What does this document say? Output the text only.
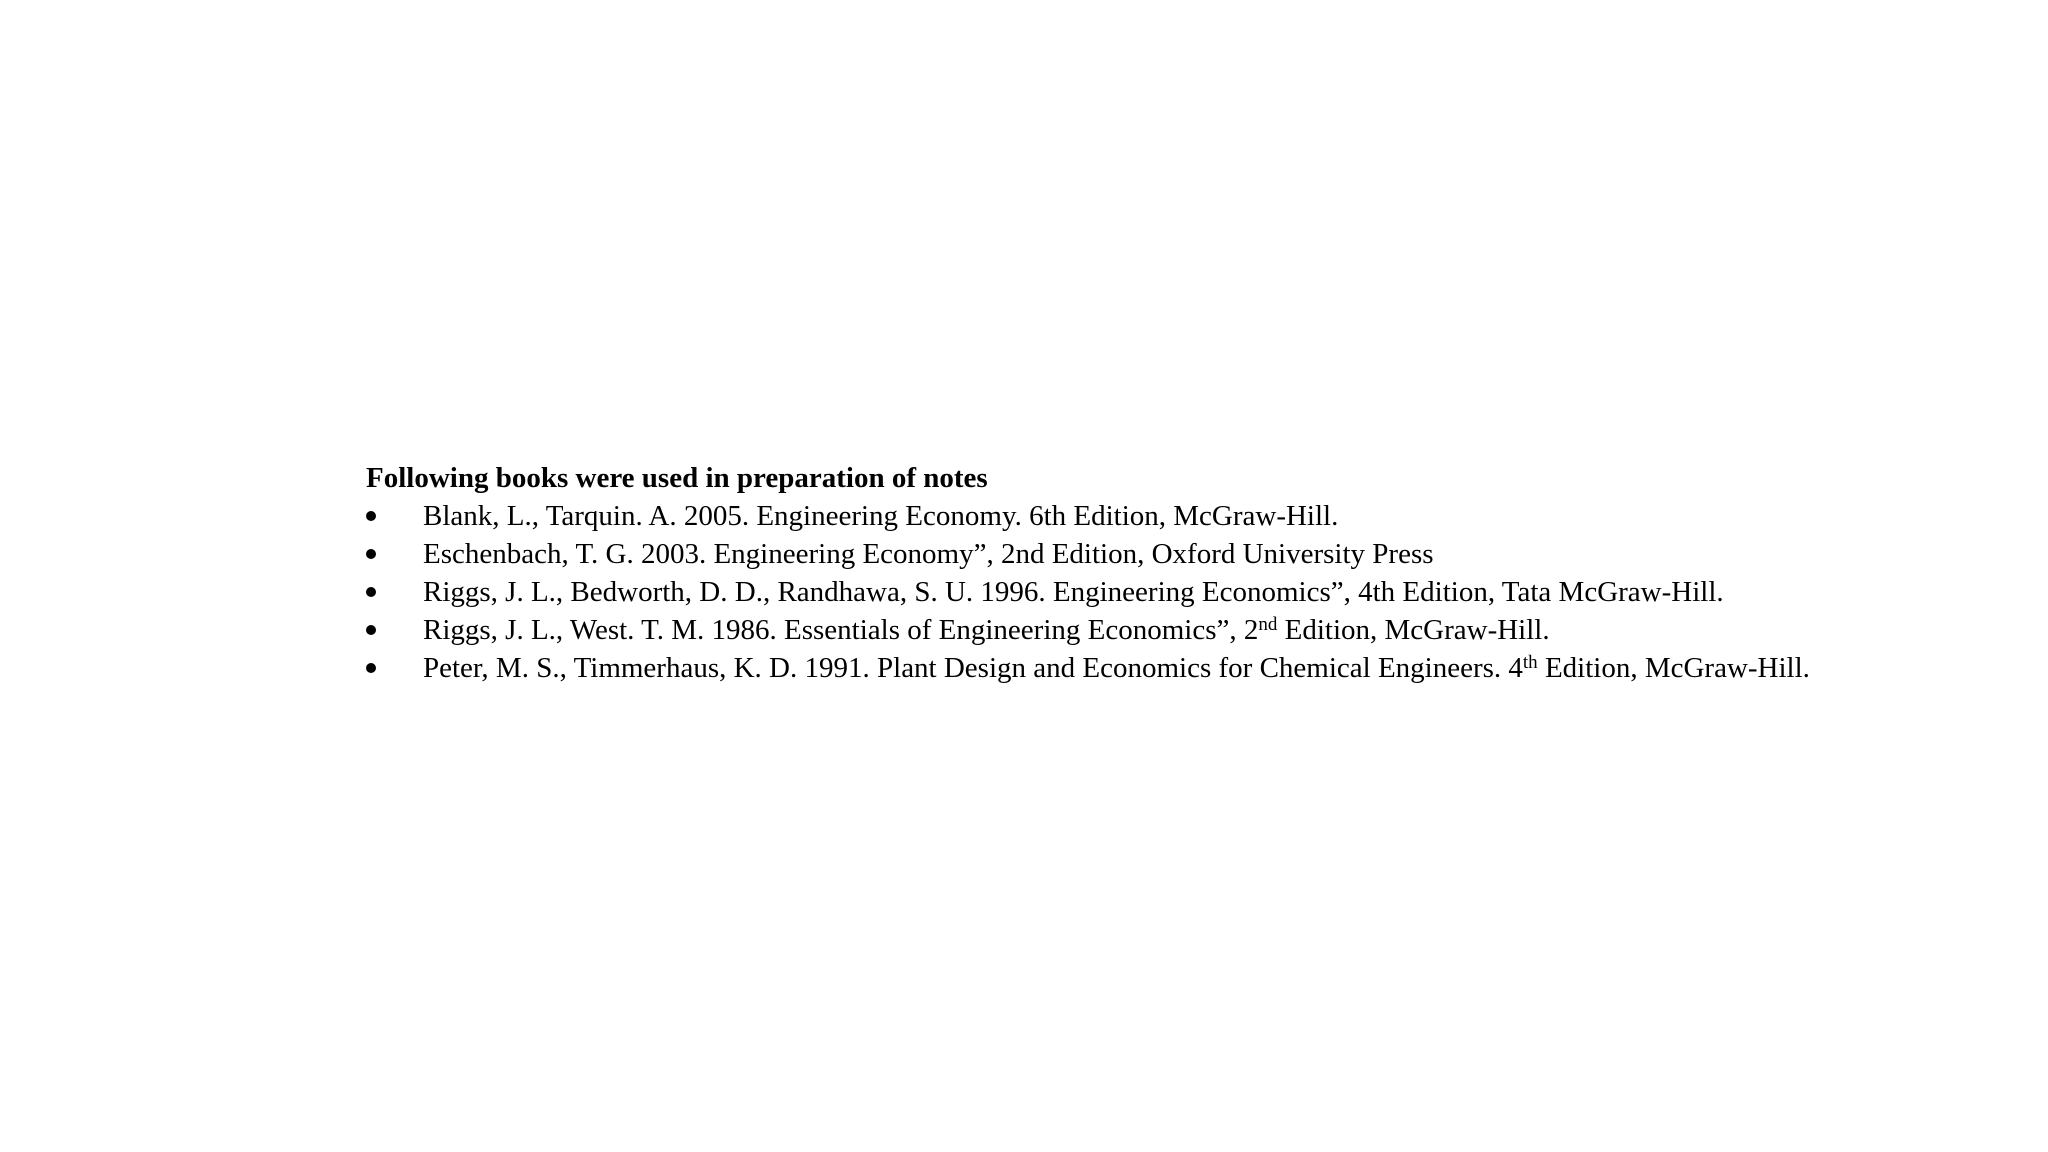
Following books were used in preparation of notes

Blank, L., Tarquin. A. 2005. Engineering Economy. 6th Edition, McGraw-Hill.
Eschenbach, T. G. 2003. Engineering Economy”, 2nd Edition, Oxford University Press
Riggs, J. L., Bedworth, D. D., Randhawa, S. U. 1996. Engineering Economics”, 4th Edition, Tata McGraw-Hill.
Riggs, J. L., West. T. M. 1986. Essentials of Engineering Economics”, 2nd Edition, McGraw-Hill.
Peter, M. S., Timmerhaus, K. D. 1991. Plant Design and Economics for Chemical Engineers. 4th Edition, McGraw-Hill.
